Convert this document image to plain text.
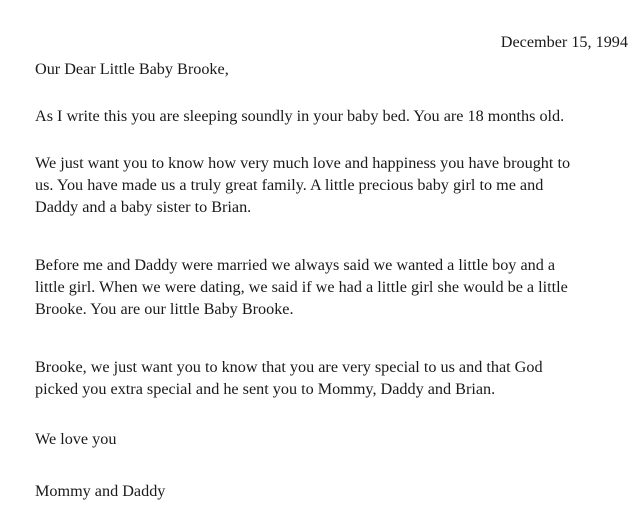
December 15, 1994
Our Dear Little Baby Brooke,
As I write this you are sleeping soundly in your baby bed. You are 18 months old.
We just want you to know how very much love and happiness you have brought to
us. You have made us a truly great family. A little precious baby girl to me and
Daddy and a baby sister to Brian.
Before me and Daddy were married we always said we wanted a little boy and a
little girl. When we were dating, we said if we had a little girl she would be a little
Brooke. You are our little Baby Brooke.
Brooke, we just want you to know that you are very special to us and that God
picked you extra special and he sent you to Mommy, Daddy and Brian.
We love you
Mommy and Daddy
